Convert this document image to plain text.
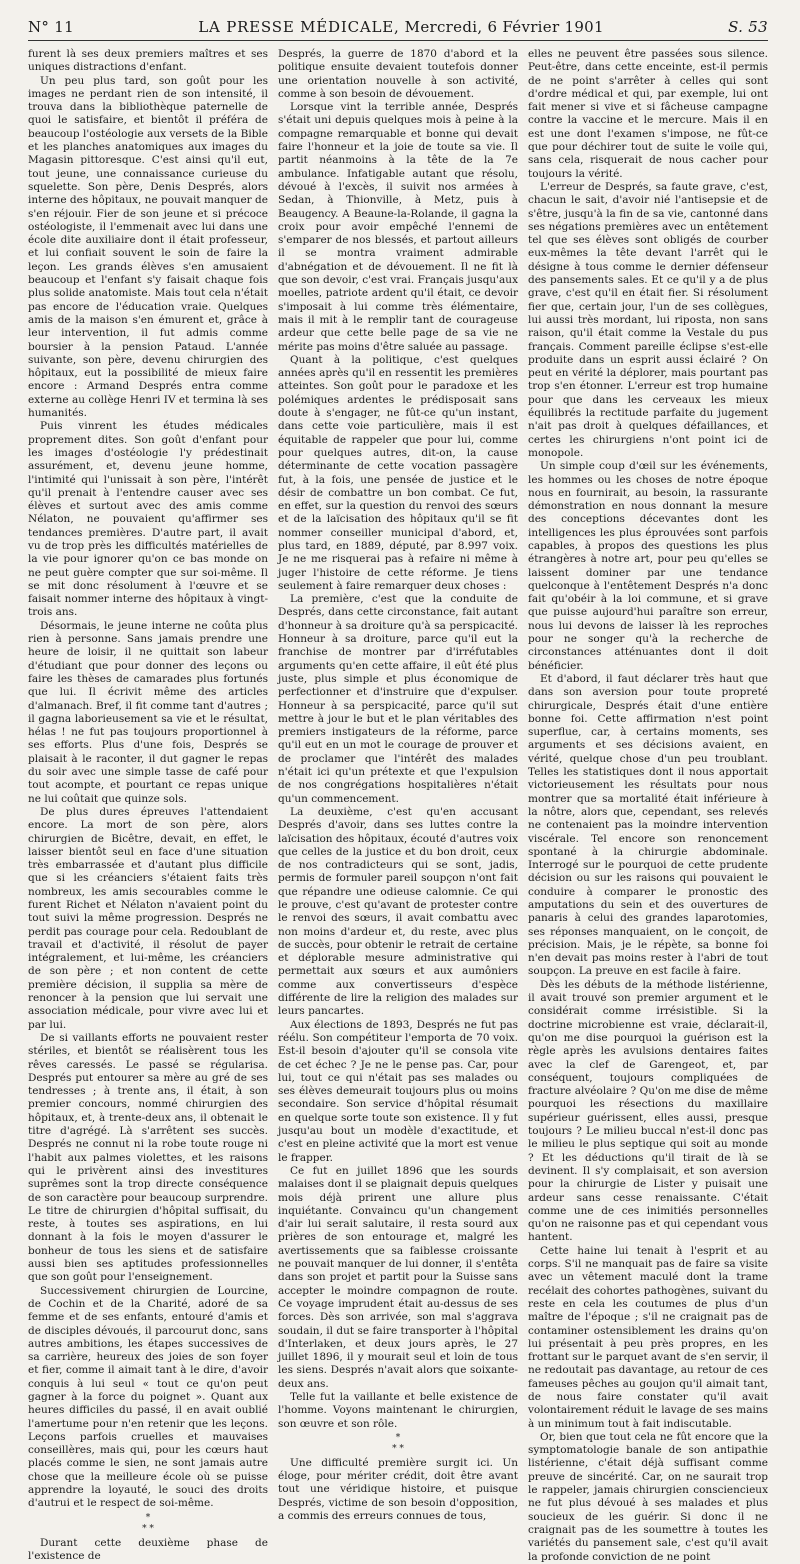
N° 11	LA PRESSE MÉDICALE, Mercredi, 6 Février 1901	S. 53

furent là ses deux premiers maîtres et ses uniques distractions d'enfant.

Un peu plus tard, son goût pour les images ne perdant rien de son intensité, il trouva dans la bibliothèque paternelle de quoi le satisfaire, et bientôt il préféra de beaucoup l'ostéologie aux versets de la Bible et les planches anatomiques aux images du Magasin pittoresque. C'est ainsi qu'il eut, tout jeune, une connaissance curieuse du squelette. Son père, Denis Després, alors interne des hôpitaux, ne pouvait manquer de s'en réjouir. Fier de son jeune et si précoce ostéologiste, il l'emmenait avec lui dans une école dite auxiliaire dont il était professeur, et lui confiait souvent le soin de faire la leçon. Les grands élèves s'en amusaient beaucoup et l'enfant s'y faisait chaque fois plus solide anatomiste. Mais tout cela n'était pas encore de l'éducation vraie. Quelques amis de la maison s'en émurent et, grâce à leur intervention, il fut admis comme boursier à la pension Pataud. L'année suivante, son père, devenu chirurgien des hôpitaux, eut la possibilité de mieux faire encore : Armand Després entra comme externe au collège Henri IV et termina là ses humanités.

Puis vinrent les études médicales proprement dites. Son goût d'enfant pour les images d'ostéologie l'y prédestinait assurément, et, devenu jeune homme, l'intimité qui l'unissait à son père, l'intérêt qu'il prenait à l'entendre causer avec ses élèves et surtout avec des amis comme Nélaton, ne pouvaient qu'affirmer ses tendances premières. D'autre part, il avait vu de trop près les difficultés matérielles de la vie pour ignorer qu'on ce bas monde on ne peut guère compter que sur soi-même. Il se mit donc résolument à l'œuvre et se faisait nommer interne des hôpitaux à vingt-trois ans.

Désormais, le jeune interne ne coûta plus rien à personne. Sans jamais prendre une heure de loisir, il ne quittait son labeur d'étudiant que pour donner des leçons ou faire les thèses de camarades plus fortunés que lui. Il écrivit même des articles d'almanach. Bref, il fit comme tant d'autres ; il gagna laborieusement sa vie et le résultat, hélas ! ne fut pas toujours proportionnel à ses efforts. Plus d'une fois, Després se plaisait à le raconter, il dut gagner le repas du soir avec une simple tasse de café pour tout acompte, et pourtant ce repas unique ne lui coûtait que quinze sols.

De plus dures épreuves l'attendaient encore. La mort de son père, alors chirurgien de Bicêtre, devait, en effet, le laisser bientôt seul en face d'une situation très embarrassée et d'autant plus difficile que si les créanciers s'étaient faits très nombreux, les amis secourables comme le furent Richet et Nélaton n'avaient point du tout suivi la même progression. Després ne perdit pas courage pour cela. Redoublant de travail et d'activité, il résolut de payer intégralement, et lui-même, les créanciers de son père ; et non content de cette première décision, il supplia sa mère de renoncer à la pension que lui servait une association médicale, pour vivre avec lui et par lui.

De si vaillants efforts ne pouvaient rester stériles, et bientôt se réalisèrent tous les rêves caressés. Le passé se régularisa. Després put entourer sa mère au gré de ses tendresses ; à trente ans, il était, à son premier concours, nommé chirurgien des hôpitaux, et, à trente-deux ans, il obtenait le titre d'agrégé. Là s'arrêtent ses succès. Després ne connut ni la robe toute rouge ni l'habit aux palmes violettes, et les raisons qui le privèrent ainsi des investitures suprêmes sont la trop directe conséquence de son caractère pour beaucoup surprendre. Le titre de chirurgien d'hôpital suffisait, du reste, à toutes ses aspirations, en lui donnant à la fois le moyen d'assurer le bonheur de tous les siens et de satisfaire aussi bien ses aptitudes professionnelles que son goût pour l'enseignement.

Successivement chirurgien de Lourcine, de Cochin et de la Charité, adoré de sa femme et de ses enfants, entouré d'amis et de disciples dévoués, il parcourut donc, sans autres ambitions, les étapes successives de sa carrière, heureux des joies de son foyer et fier, comme il aimait tant à le dire, d'avoir conquis à lui seul « tout ce qu'on peut gagner à la force du poignet ». Quant aux heures difficiles du passé, il en avait oublié l'amertume pour n'en retenir que les leçons. Leçons parfois cruelles et mauvaises conseillères, mais qui, pour les cœurs haut placés comme le sien, ne sont jamais autre chose que la meilleure école où se puisse apprendre la loyauté, le souci des droits d'autrui et le respect de soi-même.

*
* *

Durant cette deuxième phase de l'existence de

Després, la guerre de 1870 d'abord et la politique ensuite devaient toutefois donner une orientation nouvelle à son activité, comme à son besoin de dévouement.

Lorsque vint la terrible année, Després s'était uni depuis quelques mois à peine à la compagne remarquable et bonne qui devait faire l'honneur et la joie de toute sa vie. Il partit néanmoins à la tête de la 7e ambulance. Infatigable autant que résolu, dévoué à l'excès, il suivit nos armées à Sedan, à Thionville, à Metz, puis à Beaugency. A Beaune-la-Rolande, il gagna la croix pour avoir empêché l'ennemi de s'emparer de nos blessés, et partout ailleurs il se montra vraiment admirable d'abnégation et de dévouement. Il ne fit là que son devoir, c'est vrai. Français jusqu'aux moelles, patriote ardent qu'il était, ce devoir s'imposait à lui comme très élémentaire, mais il mit à le remplir tant de courageuse ardeur que cette belle page de sa vie ne mérite pas moins d'être saluée au passage.

Quant à la politique, c'est quelques années après qu'il en ressentit les premières atteintes. Son goût pour le paradoxe et les polémiques ardentes le prédisposait sans doute à s'engager, ne fût-ce qu'un instant, dans cette voie particulière, mais il est équitable de rappeler que pour lui, comme pour quelques autres, dit-on, la cause déterminante de cette vocation passagère fut, à la fois, une pensée de justice et le désir de combattre un bon combat. Ce fut, en effet, sur la question du renvoi des sœurs et de la laïcisation des hôpitaux qu'il se fit nommer conseiller municipal d'abord, et, plus tard, en 1889, député, par 8.997 voix. Je ne me risquerai pas à refaire ni même à juger l'histoire de cette réforme. Je tiens seulement à faire remarquer deux choses :

La première, c'est que la conduite de Després, dans cette circonstance, fait autant d'honneur à sa droiture qu'à sa perspicacité. Honneur à sa droiture, parce qu'il eut la franchise de montrer par d'irréfutables arguments qu'en cette affaire, il eût été plus juste, plus simple et plus économique de perfectionner et d'instruire que d'expulser. Honneur à sa perspicacité, parce qu'il sut mettre à jour le but et le plan véritables des premiers instigateurs de la réforme, parce qu'il eut en un mot le courage de prouver et de proclamer que l'intérêt des malades n'était ici qu'un prétexte et que l'expulsion de nos congrégations hospitalières n'était qu'un commencement.

La deuxième, c'est qu'en accusant Després d'avoir, dans ses luttes contre la laïcisation des hôpitaux, écouté d'autres voix que celles de la justice et du bon droit, ceux de nos contradicteurs qui se sont, jadis, permis de formuler pareil soupçon n'ont fait que répandre une odieuse calomnie. Ce qui le prouve, c'est qu'avant de protester contre le renvoi des sœurs, il avait combattu avec non moins d'ardeur et, du reste, avec plus de succès, pour obtenir le retrait de certaine et déplorable mesure administrative qui permettait aux sœurs et aux aumôniers comme aux convertisseurs d'espèce différente de lire la religion des malades sur leurs pancartes.

Aux élections de 1893, Després ne fut pas réélu. Son compétiteur l'emporta de 70 voix. Est-il besoin d'ajouter qu'il se consola vite de cet échec ? Je ne le pense pas. Car, pour lui, tout ce qui n'était pas ses malades ou ses élèves demeurait toujours plus ou moins secondaire. Son service d'hôpital résumait en quelque sorte toute son existence. Il y fut jusqu'au bout un modèle d'exactitude, et c'est en pleine activité que la mort est venue le frapper.

Ce fut en juillet 1896 que les sourds malaises dont il se plaignait depuis quelques mois déjà prirent une allure plus inquiétante. Convaincu qu'un changement d'air lui serait salutaire, il resta sourd aux prières de son entourage et, malgré les avertissements que sa faiblesse croissante ne pouvait manquer de lui donner, il s'entêta dans son projet et partit pour la Suisse sans accepter le moindre compagnon de route. Ce voyage imprudent était au-dessus de ses forces. Dès son arrivée, son mal s'aggrava soudain, il dut se faire transporter à l'hôpital d'Interlaken, et deux jours après, le 27 juillet 1896, il y mourait seul et loin de tous les siens. Després n'avait alors que soixante-deux ans.

Telle fut la vaillante et belle existence de l'homme. Voyons maintenant le chirurgien, son œuvre et son rôle.

*
* *

Une difficulté première surgit ici. Un éloge, pour mériter crédit, doit être avant tout une véridique histoire, et puisque Després, victime de son besoin d'opposition, a commis des erreurs connues de tous,

elles ne peuvent être passées sous silence. Peut-être, dans cette enceinte, est-il permis de ne point s'arrêter à celles qui sont d'ordre médical et qui, par exemple, lui ont fait mener si vive et si fâcheuse campagne contre la vaccine et le mercure. Mais il en est une dont l'examen s'impose, ne fût-ce que pour déchirer tout de suite le voile qui, sans cela, risquerait de nous cacher pour toujours la vérité.

L'erreur de Després, sa faute grave, c'est, chacun le sait, d'avoir nié l'antisepsie et de s'être, jusqu'à la fin de sa vie, cantonné dans ses négations premières avec un entêtement tel que ses élèves sont obligés de courber eux-mêmes la tête devant l'arrêt qui le désigne à tous comme le dernier défenseur des pansements sales. Et ce qu'il y a de plus grave, c'est qu'il en était fier. Si résolument fier que, certain jour, l'un de ses collègues, lui aussi très mordant, lui riposta, non sans raison, qu'il était comme la Vestale du pus français. Comment pareille éclipse s'est-elle produite dans un esprit aussi éclairé ? On peut en vérité la déplorer, mais pourtant pas trop s'en étonner. L'erreur est trop humaine pour que dans les cerveaux les mieux équilibrés la rectitude parfaite du jugement n'ait pas droit à quelques défaillances, et certes les chirurgiens n'ont point ici de monopole.

Un simple coup d'œil sur les événements, les hommes ou les choses de notre époque nous en fournirait, au besoin, la rassurante démonstration en nous donnant la mesure des conceptions décevantes dont les intelligences les plus éprouvées sont parfois capables, à propos des questions les plus étrangères à notre art, pour peu qu'elles se laissent dominer par une tendance quelconque à l'entêtement Després n'a donc fait qu'obéir à la loi commune, et si grave que puisse aujourd'hui paraître son erreur, nous lui devons de laisser là les reproches pour ne songer qu'à la recherche de circonstances atténuantes dont il doit bénéficier.

Et d'abord, il faut déclarer très haut que dans son aversion pour toute propreté chirurgicale, Després était d'une entière bonne foi. Cette affirmation n'est point superflue, car, à certains moments, ses arguments et ses décisions avaient, en vérité, quelque chose d'un peu troublant. Telles les statistiques dont il nous apportait victorieusement les résultats pour nous montrer que sa mortalité était inférieure à la nôtre, alors que, cependant, ses relevés ne contenaient pas la moindre intervention viscérale. Tel encore son renoncement spontané à la chirurgie abdominale. Interrogé sur le pourquoi de cette prudente décision ou sur les raisons qui pouvaient le conduire à comparer le pronostic des amputations du sein et des ouvertures de panaris à celui des grandes laparotomies, ses réponses manquaient, on le conçoit, de précision. Mais, je le répète, sa bonne foi n'en devait pas moins rester à l'abri de tout soupçon. La preuve en est facile à faire.

Dès les débuts de la méthode listérienne, il avait trouvé son premier argument et le considérait comme irrésistible. Si la doctrine microbienne est vraie, déclarait-il, qu'on me dise pourquoi la guérison est la règle après les avulsions dentaires faites avec la clef de Garengeot, et, par conséquent, toujours compliquées de fracture alvéolaire ? Qu'on me dise de même pourquoi les résections du maxillaire supérieur guérissent, elles aussi, presque toujours ? Le milieu buccal n'est-il donc pas le milieu le plus septique qui soit au monde ? Et les déductions qu'il tirait de là se devinent. Il s'y complaisait, et son aversion pour la chirurgie de Lister y puisait une ardeur sans cesse renaissante. C'était comme une de ces inimitiés personnelles qu'on ne raisonne pas et qui cependant vous hantent.

Cette haine lui tenait à l'esprit et au corps. S'il ne manquait pas de faire sa visite avec un vêtement maculé dont la trame recélait des cohortes pathogènes, suivant du reste en cela les coutumes de plus d'un maître de l'époque ; s'il ne craignait pas de contaminer ostensiblement les drains qu'on lui présentait à peu près propres, en les frottant sur le parquet avant de s'en servir, il ne redoutait pas davantage, au retour de ces fameuses pêches au goujon qu'il aimait tant, de nous faire constater qu'il avait volontairement réduit le lavage de ses mains à un minimum tout à fait indiscutable.

Or, bien que tout cela ne fût encore que la symptomatologie banale de son antipathie listérienne, c'était déjà suffisant comme preuve de sincérité. Car, on ne saurait trop le rappeler, jamais chirurgien consciencieux ne fut plus dévoué à ses malades et plus soucieux de les guérir. Si donc il ne craignait pas de les soumettre à toutes les variétés du pansement sale, c'est qu'il avait la profonde conviction de ne point
